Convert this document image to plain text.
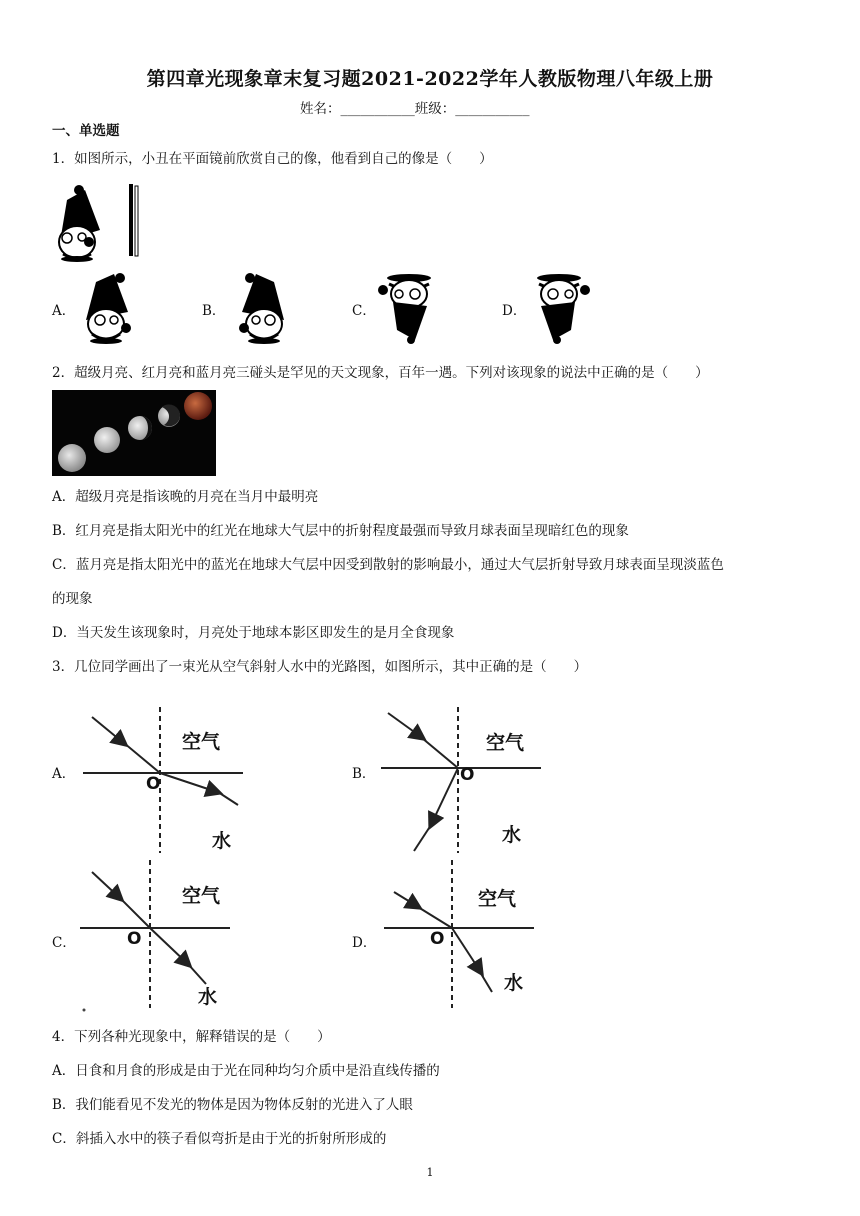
第四章光现象章末复习题2021-2022学年人教版物理八年级上册
姓名：___________班级：___________
一、单选题
1．如图所示，小丑在平面镜前欣赏自己的像，他看到自己的像是（　　）
A．	B．	C．	D．
2．超级月亮、红月亮和蓝月亮三碰头是罕见的天文现象，百年一遇。下列对该现象的说法中正确的是（　　）
A．超级月亮是指该晚的月亮在当月中最明亮
B．红月亮是指太阳光中的红光在地球大气层中的折射程度最强而导致月球表面呈现暗红色的现象
C．蓝月亮是指太阳光中的蓝光在地球大气层中因受到散射的影响最小，通过大气层折射导致月球表面呈现淡蓝色
的现象
D．当天发生该现象时，月亮处于地球本影区即发生的是月全食现象
3．几位同学画出了一束光从空气斜射人水中的光路图，如图所示，其中正确的是（　　）
A．
空气
O
水
B．
空气
O
水
C．
空气
O
水
D．
空气
O
水
4．下列各种光现象中，解释错误的是（　　）
A．日食和月食的形成是由于光在同种均匀介质中是沿直线传播的
B．我们能看见不发光的物体是因为物体反射的光进入了人眼
C．斜插入水中的筷子看似弯折是由于光的折射所形成的
1
